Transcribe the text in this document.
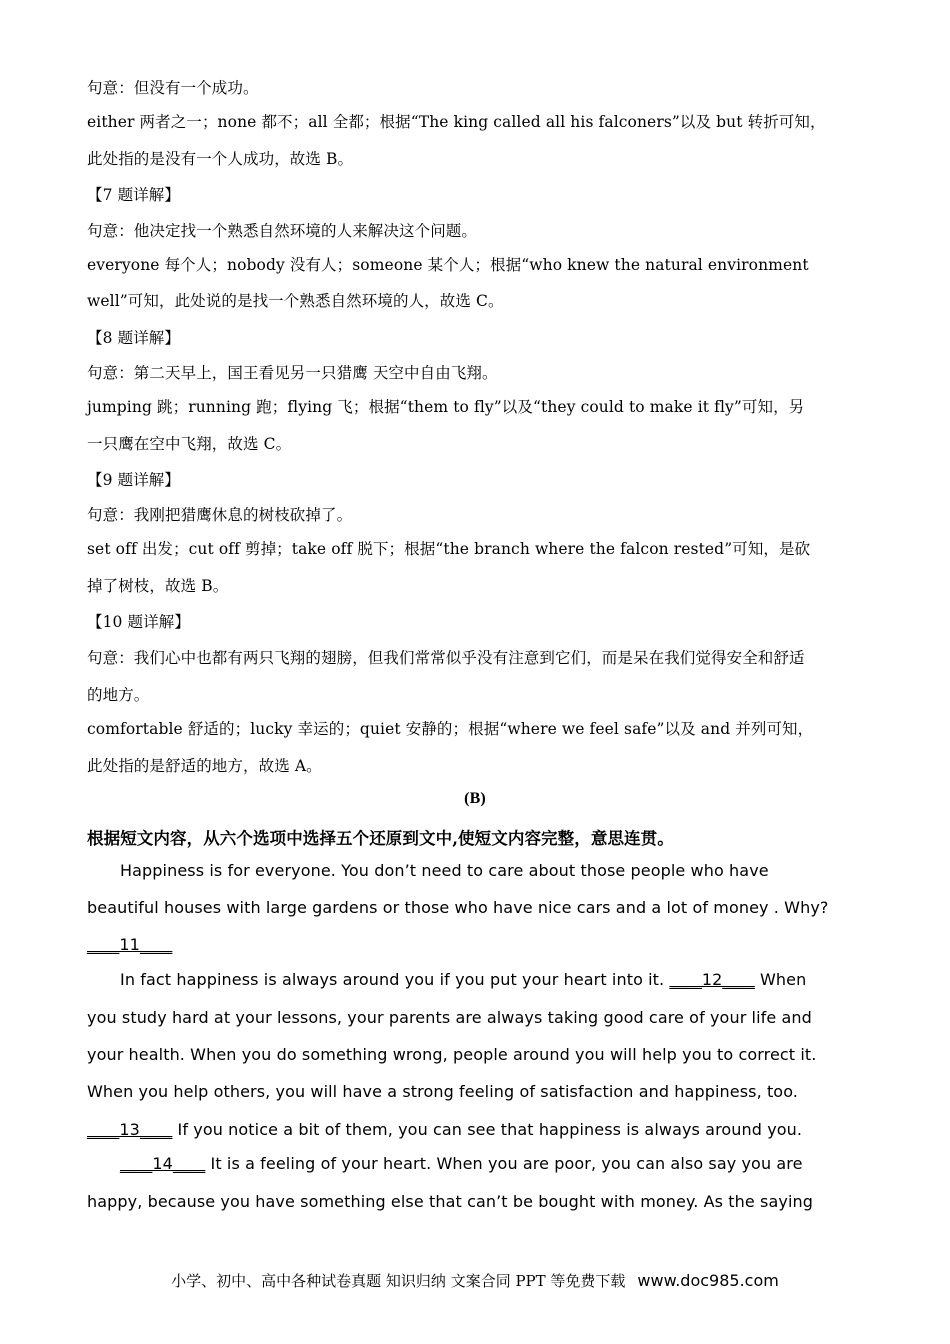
句意：但没有一个成功。
either 两者之一；none 都不；all 全都；根据“The king called all his falconers”以及 but 转折可知，
此处指的是没有一个人成功，故选 B。
【7 题详解】
句意：他决定找一个熟悉自然环境的人来解决这个问题。
everyone 每个人；nobody 没有人；someone 某个人；根据“who knew the natural environment
well”可知，此处说的是找一个熟悉自然环境的人，故选 C。
【8 题详解】
句意：第二天早上，国王看见另一只猎鹰 天空中自由飞翔。
jumping 跳；running 跑；flying 飞；根据“them to fly”以及“they could to make it fly”可知，另
一只鹰在空中飞翔，故选 C。
【9 题详解】
句意：我刚把猎鹰休息的树枝砍掉了。
set off 出发；cut off 剪掉；take off 脱下；根据“the branch where the falcon rested”可知，是砍
掉了树枝，故选 B。
【10 题详解】
句意：我们心中也都有两只飞翔的翅膀，但我们常常似乎没有注意到它们，而是呆在我们觉得安全和舒适
的地方。
comfortable 舒适的；lucky 幸运的；quiet 安静的；根据“where we feel safe”以及 and 并列可知，
此处指的是舒适的地方，故选 A。
(B)
根据短文内容，从六个选项中选择五个还原到文中,使短文内容完整，意思连贯。
Happiness is for everyone. You don’t need to care about those people who have
beautiful houses with large gardens or those who have nice cars and a lot of money . Why?
____11____
In fact happiness is always around you if you put your heart into it. ____12____ When
you study hard at your lessons, your parents are always taking good care of your life and
your health. When you do something wrong, people around you will help you to correct it.
When you help others, you will have a strong feeling of satisfaction and happiness, too.
____13____ If you notice a bit of them, you can see that happiness is always around you.
____14____ It is a feeling of your heart. When you are poor, you can also say you are
happy, because you have something else that can’t be bought with money. As the saying
小学、初中、高中各种试卷真题 知识归纳 文案合同 PPT 等免费下载 www.doc985.com
